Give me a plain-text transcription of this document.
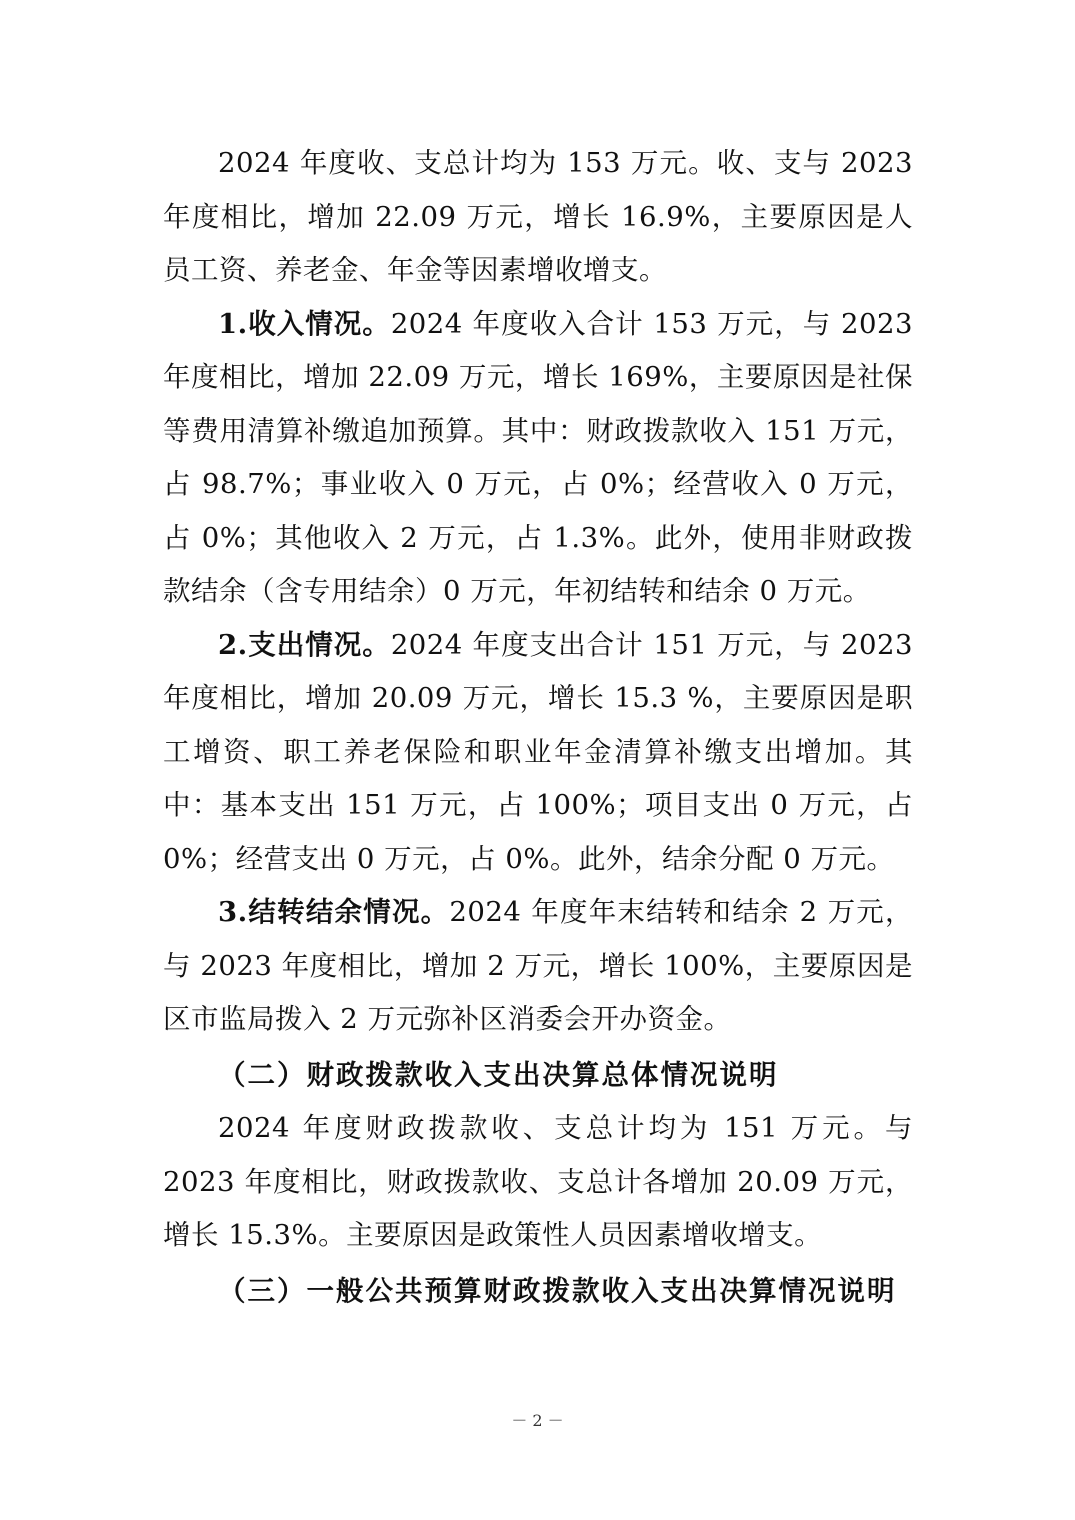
2024 年度收、支总计均为 153 万元。收、支与 2023 年度相比，增加 22.09 万元，增长 16.9%，主要原因是人员工资、养老金、年金等因素增收增支。

1.收入情况。2024 年度收入合计 153 万元，与 2023 年度相比，增加 22.09 万元，增长 169%，主要原因是社保等费用清算补缴追加预算。其中：财政拨款收入 151 万元，占 98.7%；事业收入 0 万元，占 0%；经营收入 0 万元，占 0%；其他收入 2 万元，占 1.3%。此外，使用非财政拨款结余（含专用结余）0 万元，年初结转和结余 0 万元。

2.支出情况。2024 年度支出合计 151 万元，与 2023 年度相比，增加 20.09 万元，增长 15.3 %，主要原因是职工增资、职工养老保险和职业年金清算补缴支出增加。其中：基本支出 151 万元，占 100%；项目支出 0 万元，占 0%；经营支出 0 万元，占 0%。此外，结余分配 0 万元。

3.结转结余情况。2024 年度年末结转和结余 2 万元，与 2023 年度相比，增加 2 万元，增长 100%，主要原因是区市监局拨入 2 万元弥补区消委会开办资金。

（二）财政拨款收入支出决算总体情况说明

2024 年度财政拨款收、支总计均为 151 万元。与 2023 年度相比，财政拨款收、支总计各增加 20.09 万元，增长 15.3%。主要原因是政策性人员因素增收增支。

（三）一般公共预算财政拨款收入支出决算情况说明

－ 2 －
